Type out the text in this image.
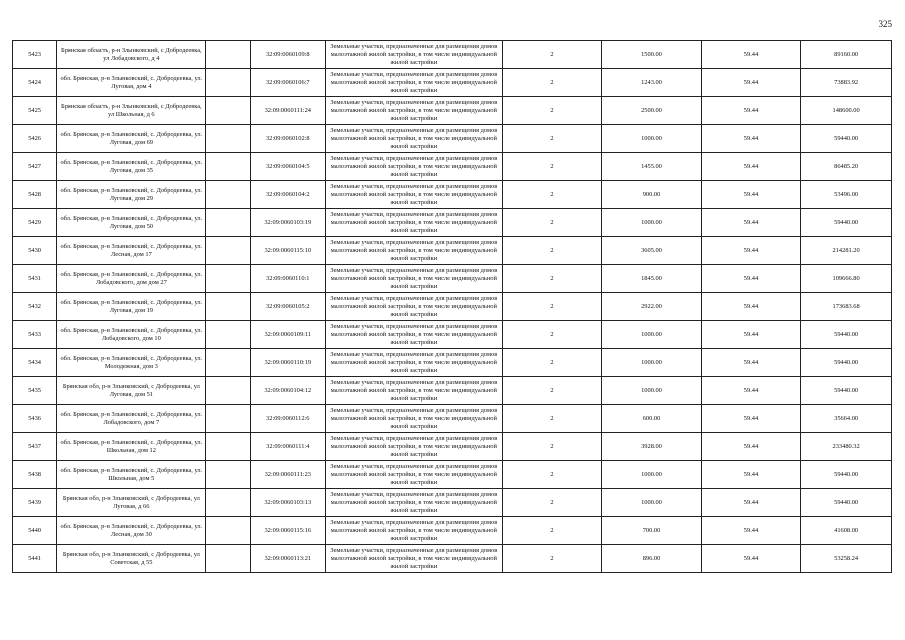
325
5423	Брянская область, р-н Злынковский, с Добродеевка, ул Лобадовского, д 4		32:09:0060109:8	Земельные участки, предназначенные для размещения домов малоэтажной жилой застройки, в том числе индивидуальной жилой застройки	2	1500.00	59.44	89160.00
5424	обл. Брянская, р-н Злынковский, с. Добродеевка, ул. Луговая, дом 4		32:09:0060106:7	Земельные участки, предназначенные для размещения домов малоэтажной жилой застройки, в том числе индивидуальной жилой застройки	2	1243.00	59.44	73883.92
5425	Брянская область, р-н Злынковский, с Добродеевка, ул Школьная, д 6		32:09:0060111:24	Земельные участки, предназначенные для размещения домов малоэтажной жилой застройки, в том числе индивидуальной жилой застройки	2	2500.00	59.44	148600.00
5426	обл. Брянская, р-н Злынковский, с. Добродеевка, ул. Луговая, дом 69		32:09:0060102:8	Земельные участки, предназначенные для размещения домов малоэтажной жилой застройки, в том числе индивидуальной жилой застройки	2	1000.00	59.44	59440.00
5427	обл. Брянская, р-н Злынковский, с. Добродеевка, ул. Луговая, дом 35		32:09:0060104:5	Земельные участки, предназначенные для размещения домов малоэтажной жилой застройки, в том числе индивидуальной жилой застройки	2	1455.00	59.44	86485.20
5428	обл. Брянская, р-н Злынковский, с. Добродеевка, ул. Луговая, дом 29		32:09:0060104:2	Земельные участки, предназначенные для размещения домов малоэтажной жилой застройки, в том числе индивидуальной жилой застройки	2	900.00	59.44	53496.00
5429	обл. Брянская, р-н Злынковский, с. Добродеевка, ул. Луговая, дом 50		32:09:0060103:19	Земельные участки, предназначенные для размещения домов малоэтажной жилой застройки, в том числе индивидуальной жилой застройки	2	1000.00	59.44	59440.00
5430	обл. Брянская, р-н Злынковский, с. Добродеевка, ул. Лесная, дом 17		32:09:0060115:10	Земельные участки, предназначенные для размещения домов малоэтажной жилой застройки, в том числе индивидуальной жилой застройки	2	3605.00	59.44	214281.20
5431	обл. Брянская, р-н Злынковский, с. Добродеевка, ул. Лобадовского, дом дом 27		32:09:0060110:1	Земельные участки, предназначенные для размещения домов малоэтажной жилой застройки, в том числе индивидуальной жилой застройки	2	1845.00	59.44	109666.80
5432	обл. Брянская, р-н Злынковский, с. Добродеевка, ул. Луговая, дом 19		32:09:0060105:2	Земельные участки, предназначенные для размещения домов малоэтажной жилой застройки, в том числе индивидуальной жилой застройки	2	2922.00	59.44	173683.68
5433	обл. Брянская, р-н Злынковский, с. Добродеевка, ул. Лобадовского, дом 10		32:09:0060109:11	Земельные участки, предназначенные для размещения домов малоэтажной жилой застройки, в том числе индивидуальной жилой застройки	2	1000.00	59.44	59440.00
5434	обл. Брянская, р-н Злынковский, с. Добродеевка, ул. Молодежная, дом 3		32:09:0060110:19	Земельные участки, предназначенные для размещения домов малоэтажной жилой застройки, в том числе индивидуальной жилой застройки	2	1000.00	59.44	59440.00
5435	Брянская обл, р-н Злынковский, с Добродеевка, ул Луговая, дом 51		32:09:0060104:12	Земельные участки, предназначенные для размещения домов малоэтажной жилой застройки, в том числе индивидуальной жилой застройки	2	1000.00	59.44	59440.00
5436	обл. Брянская, р-н Злынковский, с. Добродеевка, ул. Лобадовского, дом 7		32:09:0060112:6	Земельные участки, предназначенные для размещения домов малоэтажной жилой застройки, в том числе индивидуальной жилой застройки	2	600.00	59.44	35664.00
5437	обл. Брянская, р-н Злынковский, с. Добродеевка, ул. Школьная, дом 12		32:09:0060111:4	Земельные участки, предназначенные для размещения домов малоэтажной жилой застройки, в том числе индивидуальной жилой застройки	2	3928.00	59.44	233480.32
5438	обл. Брянская, р-н Злынковский, с. Добродеевка, ул. Школьная, дом 5		32:09:0060111:23	Земельные участки, предназначенные для размещения домов малоэтажной жилой застройки, в том числе индивидуальной жилой застройки	2	1000.00	59.44	59440.00
5439	Брянская обл, р-н Злынковский, с Добродеевка, ул Луговая, д 66		32:09:0060103:13	Земельные участки, предназначенные для размещения домов малоэтажной жилой застройки, в том числе индивидуальной жилой застройки	2	1000.00	59.44	59440.00
5440	обл. Брянская, р-н Злынковский, с. Добродеевка, ул. Лесная, дом 30		32:09:0060115:16	Земельные участки, предназначенные для размещения домов малоэтажной жилой застройки, в том числе индивидуальной жилой застройки	2	700.00	59.44	41608.00
5441	Брянская обл, р-н Злынковский, с Добродеевка, ул Советская, д 55		32:09:0060113:21	Земельные участки, предназначенные для размещения домов малоэтажной жилой застройки, в том числе индивидуальной жилой застройки	2	896.00	59.44	53258.24
